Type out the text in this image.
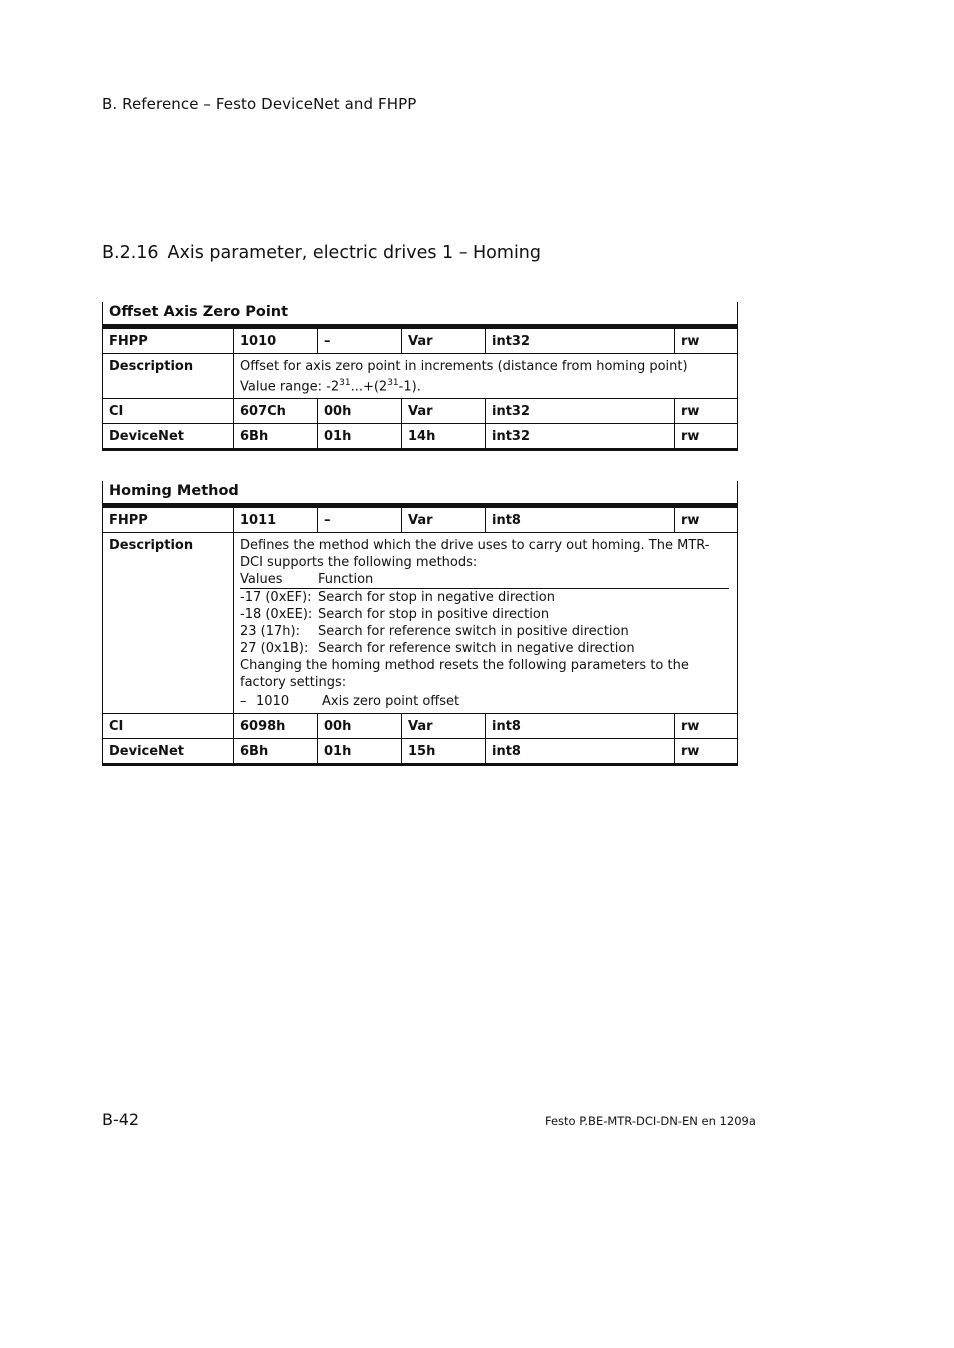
B. Reference – Festo DeviceNet and FHPP
B.2.16 Axis parameter, electric drives 1 – Homing
Offset Axis Zero Point					
FHPP	1010	–	Var	int32	rw
Description	Offset for axis zero point in increments (distance from homing point)
Value range: $-2^{31}...+(2^{31}-1)$.				

CI	607Ch	00h	Var	int32	rw
DeviceNet	6Bh	01h	14h	int32	rw
Homing Method
FHPP	1011	–	Var	int8	rw
Description	Defines the method which the drive uses to carry out homing. The MTR-DCI supports the following methods:
Values	Function
-17 (0xEF):	Search for stop in negative direction
-18 (0xEE):	Search for stop in positive direction
23 (17h):	Search for reference switch in positive direction
27 (0x1B):	Search for reference switch in negative direction
Changing the homing method resets the following parameters to the factory settings:
– 1010	Axis zero point offset

CI	6098h	00h	Var	int8	rw
DeviceNet	6Bh	01h	15h	int8	rw
B-42	Festo P.BE-MTR-DCI-DN-EN en 1209a
